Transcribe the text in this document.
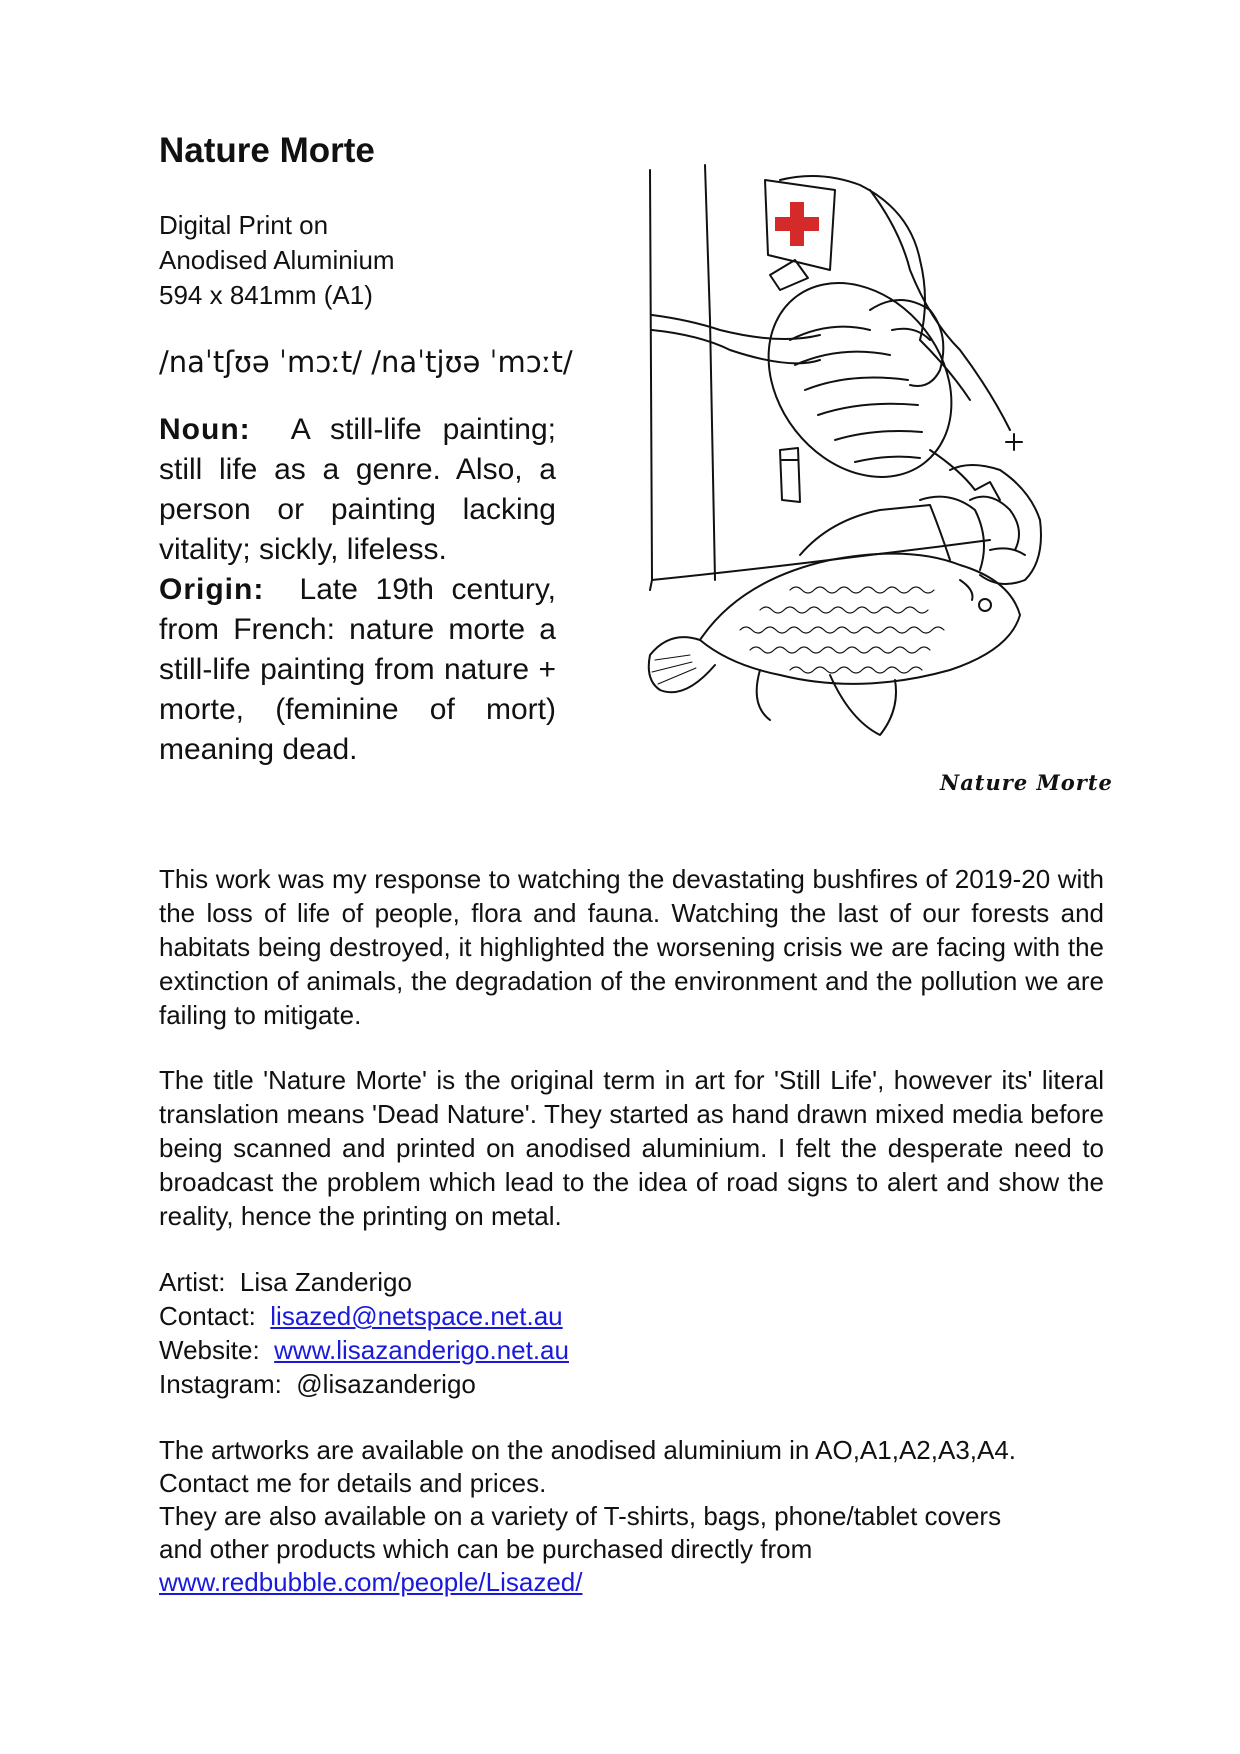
Nature Morte
Digital Print on
Anodised Aluminium
594 x 841mm (A1)
/naˈtʃʊə ˈmɔːt/ /naˈtjʊə ˈmɔːt/
Noun: A still-life painting; still life as a genre. Also, a person or painting lacking vitality; sickly, lifeless.
Origin: Late 19th century, from French: nature morte a still-life painting from nature + morte, (feminine of mort) meaning dead.
Nature Morte

This work was my response to watching the devastating bushfires of 2019-20 with the loss of life of people, flora and fauna. Watching the last of our forests and habitats being destroyed, it highlighted the worsening crisis we are facing with the extinction of animals, the degradation of the environment and the pollution we are failing to mitigate.

The title 'Nature Morte' is the original term in art for 'Still Life', however its' literal translation means 'Dead Nature'. They started as hand drawn mixed media before being scanned and printed on anodised aluminium. I felt the desperate need to broadcast the problem which lead to the idea of road signs to alert and show the reality, hence the printing on metal.

Artist: Lisa Zanderigo
Contact: lisazed@netspace.net.au
Website: www.lisazanderigo.net.au
Instagram: @lisazanderigo
The artworks are available on the anodised aluminium in AO,A1,A2,A3,A4.
Contact me for details and prices.
They are also available on a variety of T-shirts, bags, phone/tablet covers
and other products which can be purchased directly from
www.redbubble.com/people/Lisazed/
